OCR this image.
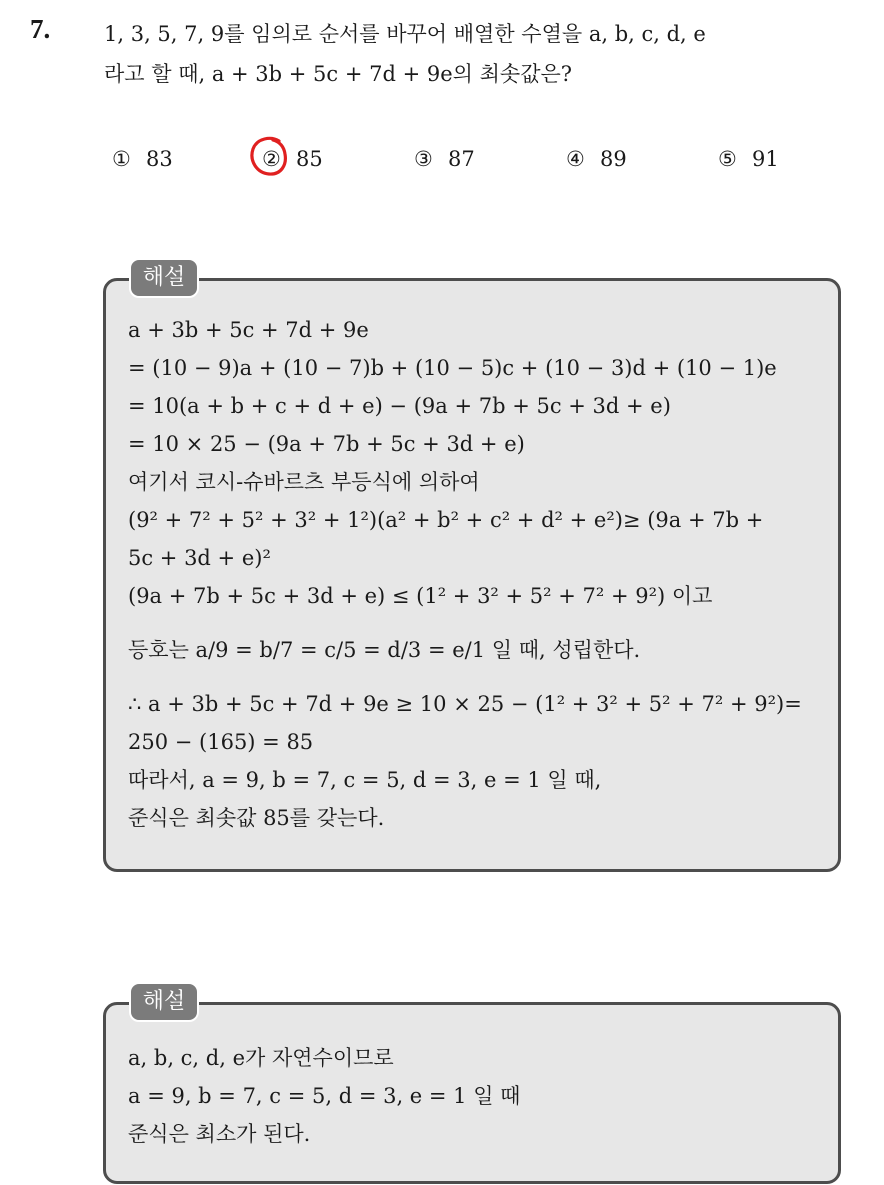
7.	1, 3, 5, 7, 9를 임의로 순서를 바꾸어 배열한 수열을 a, b, c, d, e
라고 할 때, a + 3b + 5c + 7d + 9e의 최솟값은?
① 83	② 85	③ 87	④ 89	⑤ 91
a + 3b + 5c + 7d + 9e
= (10 − 9)a + (10 − 7)b + (10 − 5)c + (10 − 3)d + (10 − 1)e
= 10(a + b + c + d + e) − (9a + 7b + 5c + 3d + e)
= 10 × 25 − (9a + 7b + 5c + 3d + e)
여기서 코시-슈바르츠 부등식에 의하여
(9² + 7² + 5² + 3² + 1²)(a² + b² + c² + d² + e²)≥ (9a + 7b +
5c + 3d + e)²
(9a + 7b + 5c + 3d + e) ≤ (1² + 3² + 5² + 7² + 9²) 이고
등호는 a/9 = b/7 = c/5 = d/3 = e/1 일 때, 성립한다.
∴ a + 3b + 5c + 7d + 9e ≥ 10 × 25 − (1² + 3² + 5² + 7² + 9²)=
250 − (165) = 85
따라서, a = 9, b = 7, c = 5, d = 3, e = 1 일 때,
준식은 최솟값 85를 갖는다.
해설
a, b, c, d, e가 자연수이므로
a = 9, b = 7, c = 5, d = 3, e = 1 일 때
준식은 최소가 된다.
해설
